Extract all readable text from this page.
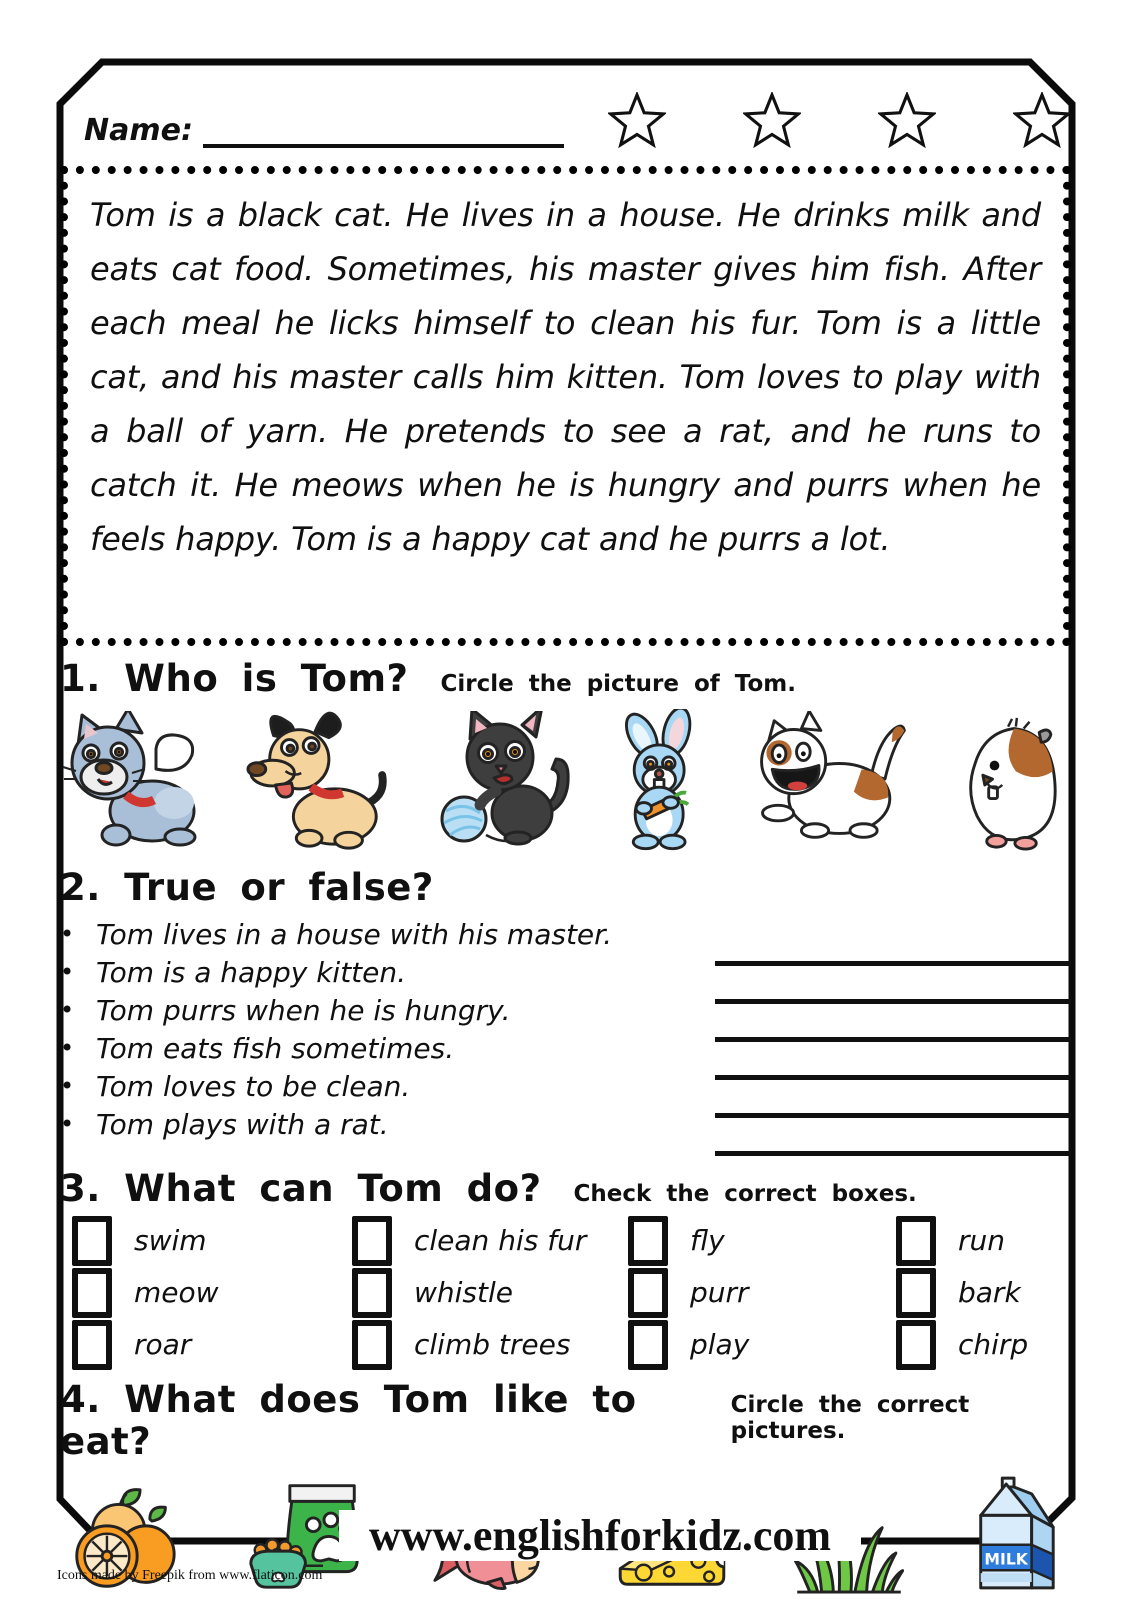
Name:
Tom is a black cat. He lives in a house. He drinks milk and eats cat food. Sometimes, his master gives him fish. After each meal he licks himself to clean his fur. Tom is a little cat, and his master calls him kitten. Tom loves to play with a ball of yarn. He pretends to see a rat, and he runs to catch it. He meows when he is hungry and purrs when he feels happy. Tom is a happy cat and he purrs a lot.
1. Who is Tom? Circle the picture of Tom.
2. True or false?
• Tom lives in a house with his master.
• Tom is a happy kitten.
• Tom purrs when he is hungry.
• Tom eats fish sometimes.
• Tom loves to be clean.
• Tom plays with a rat.
3. What can Tom do? Check the correct boxes.
swim	clean his fur	fly	run
meow	whistle	purr	bark
roar	climb trees	play	chirp
4. What does Tom like to eat?
Circle the correct pictures.
MILK
www.englishforkidz.com
Icons made by Freepik from www.flaticon.com
